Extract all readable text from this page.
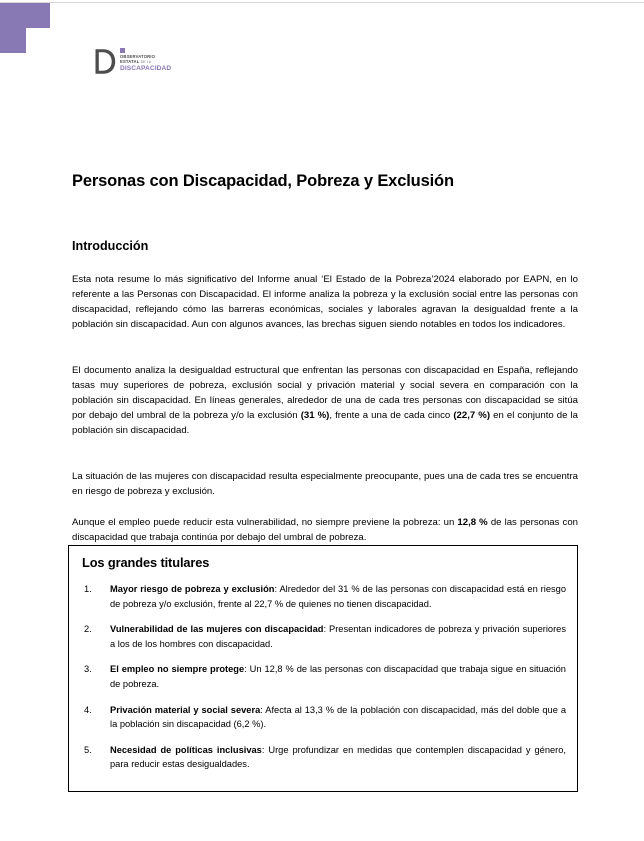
OBSERVATORIO
ESTATAL DE LA
DISCAPACIDAD
Personas con Discapacidad, Pobreza y Exclusión
Introducción

Esta nota resume lo más significativo del Informe anual ‘El Estado de la Pobreza’2024 elaborado por EAPN, en lo referente a las Personas con Discapacidad. El informe analiza la pobreza y la exclusión social entre las personas con discapacidad, reflejando cómo las barreras económicas, sociales y laborales agravan la desigualdad frente a la población sin discapacidad. Aun con algunos avances, las brechas siguen siendo notables en todos los indicadores.

El documento analiza la desigualdad estructural que enfrentan las personas con discapacidad en España, reflejando tasas muy superiores de pobreza, exclusión social y privación material y social severa en comparación con la población sin discapacidad. En líneas generales, alrededor de una de cada tres personas con discapacidad se sitúa por debajo del umbral de la pobreza y/o la exclusión (31 %), frente a una de cada cinco (22,7 %) en el conjunto de la población sin discapacidad.

La situación de las mujeres con discapacidad resulta especialmente preocupante, pues una de cada tres se encuentra en riesgo de pobreza y exclusión.

Aunque el empleo puede reducir esta vulnerabilidad, no siempre previene la pobreza: un 12,8 % de las personas con discapacidad que trabaja continúa por debajo del umbral de pobreza.

Los grandes titulares
1. Mayor riesgo de pobreza y exclusión: Alrededor del 31 % de las personas con discapacidad está en riesgo de pobreza y/o exclusión, frente al 22,7 % de quienes no tienen discapacidad.
2. Vulnerabilidad de las mujeres con discapacidad: Presentan indicadores de pobreza y privación superiores a los de los hombres con discapacidad.
3. El empleo no siempre protege: Un 12,8 % de las personas con discapacidad que trabaja sigue en situación de pobreza.
4. Privación material y social severa: Afecta al 13,3 % de la población con discapacidad, más del doble que a la población sin discapacidad (6,2 %).
5. Necesidad de políticas inclusivas: Urge profundizar en medidas que contemplen discapacidad y género, para reducir estas desigualdades.
